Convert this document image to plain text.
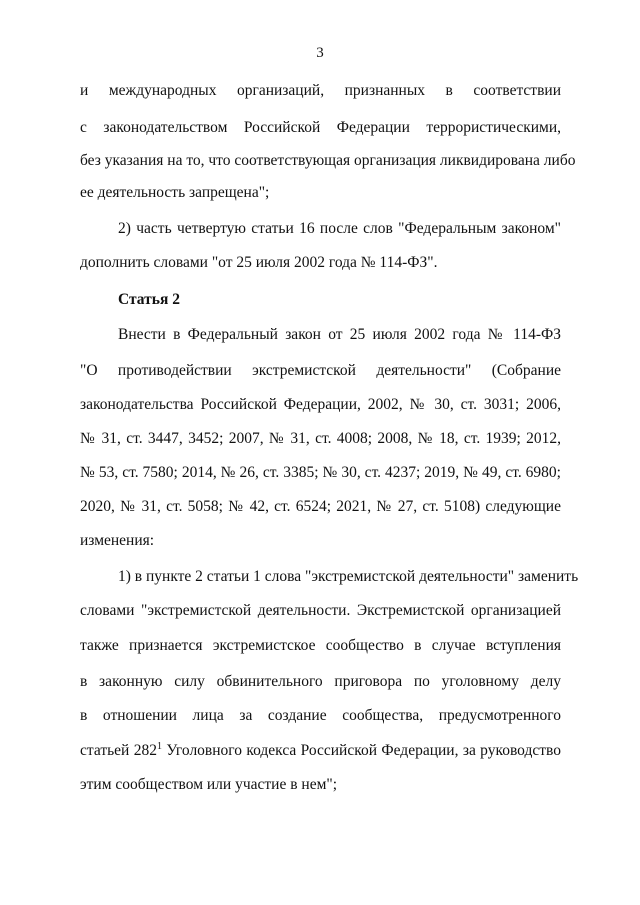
3
и международных организаций, признанных в соответствии
с законодательством Российской Федерации террористическими,
без указания на то, что соответствующая организация ликвидирована либо
ее деятельность запрещена";
2) часть четвертую статьи 16 после слов "Федеральным законом"
дополнить словами "от 25 июля 2002 года № 114-ФЗ".
Статья 2
Внести в Федеральный закон от 25 июля 2002 года № 114-ФЗ
"О противодействии экстремистской деятельности" (Собрание
законодательства Российской Федерации, 2002, № 30, ст. 3031; 2006,
№ 31, ст. 3447, 3452; 2007, № 31, ст. 4008; 2008, № 18, ст. 1939; 2012,
№ 53, ст. 7580; 2014, № 26, ст. 3385; № 30, ст. 4237; 2019, № 49, ст. 6980;
2020, № 31, ст. 5058; № 42, ст. 6524; 2021, № 27, ст. 5108) следующие
изменения:
1) в пункте 2 статьи 1 слова "экстремистской деятельности" заменить
словами "экстремистской деятельности. Экстремистской организацией
также признается экстремистское сообщество в случае вступления
в законную силу обвинительного приговора по уголовному делу
в отношении лица за создание сообщества, предусмотренного
статьей $282^1$ Уголовного кодекса Российской Федерации, за руководство
этим сообществом или участие в нем";
